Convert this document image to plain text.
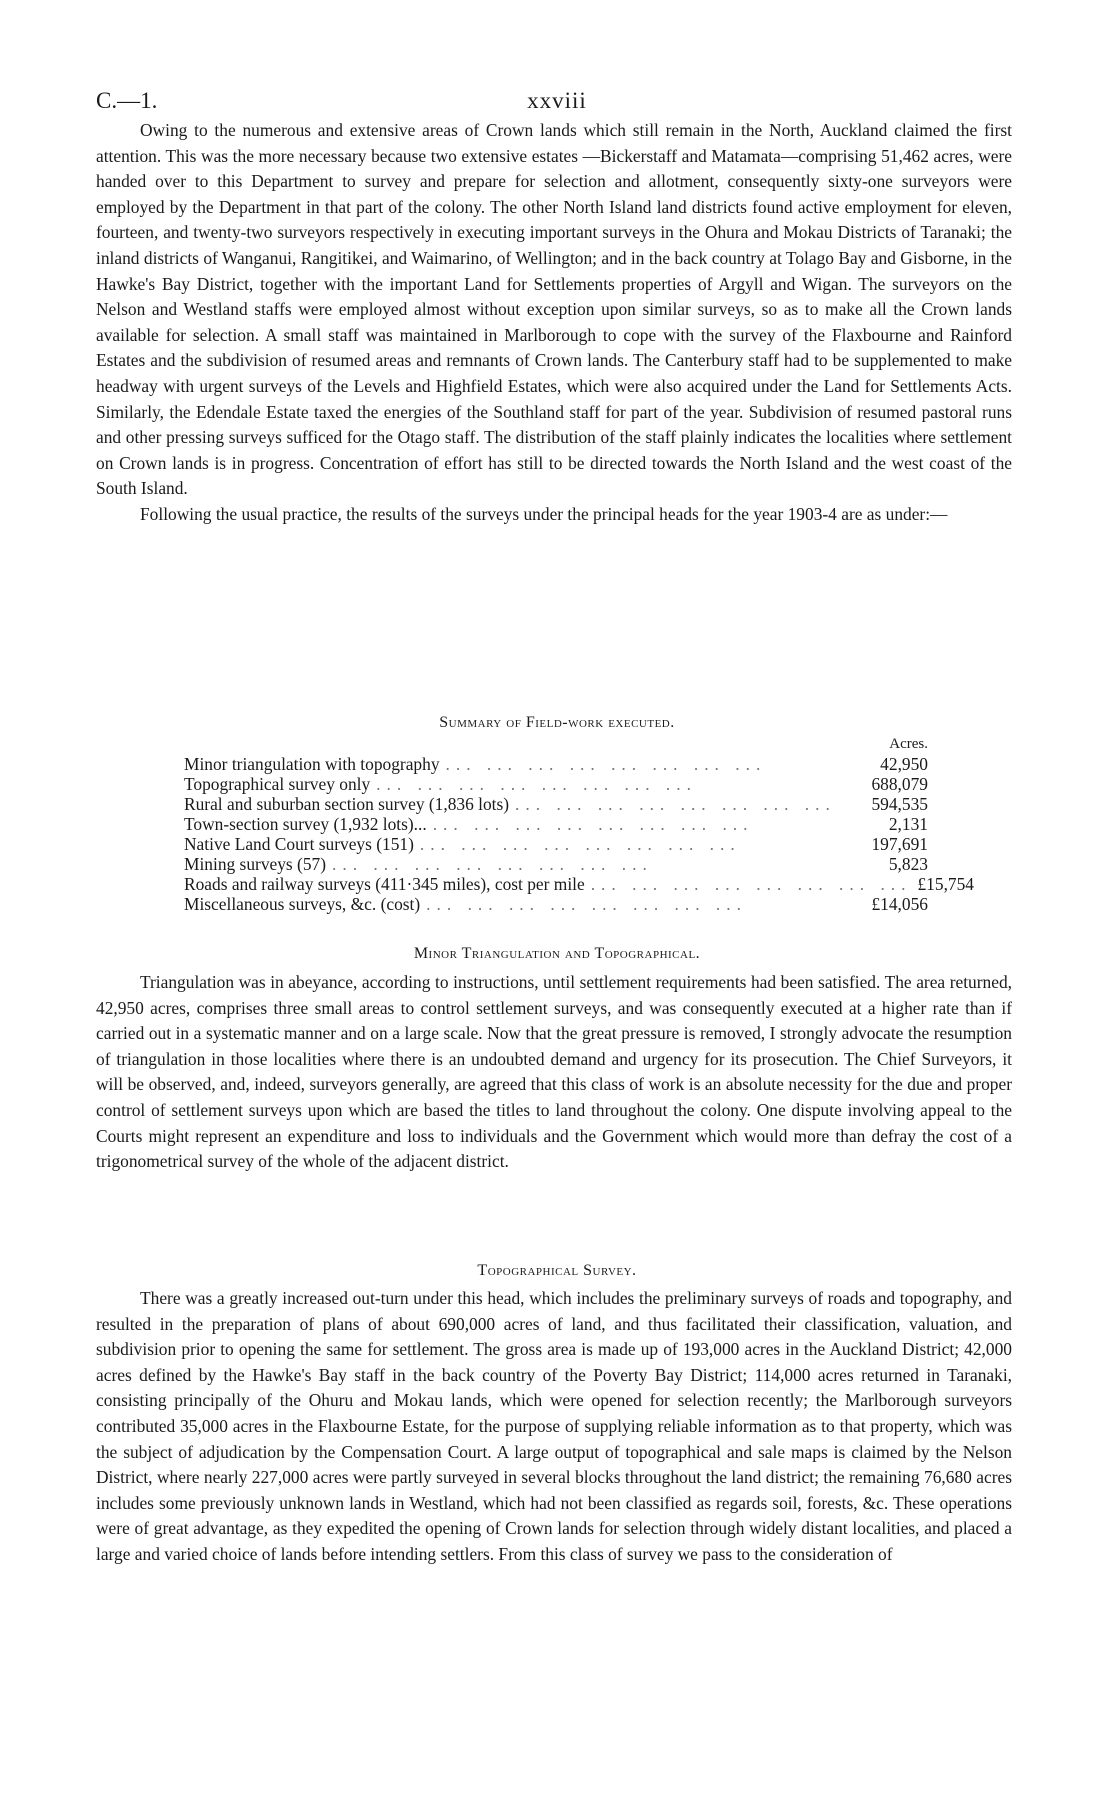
C.—1.	xxviii

Owing to the numerous and extensive areas of Crown lands which still remain in the North, Auckland claimed the first attention. This was the more necessary because two extensive estates —Bickerstaff and Matamata—comprising 51,462 acres, were handed over to this Department to survey and prepare for selection and allotment, consequently sixty-one surveyors were employed by the Department in that part of the colony. The other North Island land districts found active employment for eleven, fourteen, and twenty-two surveyors respectively in executing important surveys in the Ohura and Mokau Districts of Taranaki; the inland districts of Wanganui, Rangitikei, and Waimarino, of Wellington; and in the back country at Tolago Bay and Gisborne, in the Hawke's Bay District, together with the important Land for Settlements properties of Argyll and Wigan. The surveyors on the Nelson and Westland staffs were employed almost without exception upon similar surveys, so as to make all the Crown lands available for selection. A small staff was maintained in Marlborough to cope with the survey of the Flaxbourne and Rainford Estates and the subdivision of resumed areas and remnants of Crown lands. The Canterbury staff had to be supplemented to make headway with urgent surveys of the Levels and Highfield Estates, which were also acquired under the Land for Settlements Acts. Similarly, the Edendale Estate taxed the energies of the Southland staff for part of the year. Subdivision of resumed pastoral runs and other pressing surveys sufficed for the Otago staff. The distribution of the staff plainly indicates the localities where settlement on Crown lands is in progress. Concentration of effort has still to be directed towards the North Island and the west coast of the South Island.

Following the usual practice, the results of the surveys under the principal heads for the year 1903-4 are as under:—

Summary of Field-work executed.
Acres.
Minor triangulation with topography ... ... ... ... ... ... ... ...	42,950
Topographical survey only ... ... ... ... ... ... ... ...	688,079
Rural and suburban section survey (1,836 lots) ... ... ... ... ... ... ... ...	594,535
Town-section survey (1,932 lots)... ... ... ... ... ... ... ... ...	2,131
Native Land Court surveys (151) ... ... ... ... ... ... ... ...	197,691
Mining surveys (57) ... ... ... ... ... ... ... ...	5,823
Roads and railway surveys (411·345 miles), cost per mile ... ... ... ... ... ... ... ... £15,754
Miscellaneous surveys, &c. (cost) ... ... ... ... ... ... ... ...	£14,056
Minor Triangulation and Topographical.

Triangulation was in abeyance, according to instructions, until settlement requirements had been satisfied. The area returned, 42,950 acres, comprises three small areas to control settlement surveys, and was consequently executed at a higher rate than if carried out in a systematic manner and on a large scale. Now that the great pressure is removed, I strongly advocate the resumption of triangulation in those localities where there is an undoubted demand and urgency for its prosecution. The Chief Surveyors, it will be observed, and, indeed, surveyors generally, are agreed that this class of work is an absolute necessity for the due and proper control of settlement surveys upon which are based the titles to land throughout the colony. One dispute involving appeal to the Courts might represent an expenditure and loss to individuals and the Government which would more than defray the cost of a trigonometrical survey of the whole of the adjacent district.

Topographical Survey.

There was a greatly increased out-turn under this head, which includes the preliminary surveys of roads and topography, and resulted in the preparation of plans of about 690,000 acres of land, and thus facilitated their classification, valuation, and subdivision prior to opening the same for settlement. The gross area is made up of 193,000 acres in the Auckland District; 42,000 acres defined by the Hawke's Bay staff in the back country of the Poverty Bay District; 114,000 acres returned in Taranaki, consisting principally of the Ohuru and Mokau lands, which were opened for selection recently; the Marlborough surveyors contributed 35,000 acres in the Flaxbourne Estate, for the purpose of supplying reliable information as to that property, which was the subject of adjudication by the Compensation Court. A large output of topographical and sale maps is claimed by the Nelson District, where nearly 227,000 acres were partly surveyed in several blocks throughout the land district; the remaining 76,680 acres includes some previously unknown lands in Westland, which had not been classified as regards soil, forests, &c. These operations were of great advantage, as they expedited the opening of Crown lands for selection through widely distant localities, and placed a large and varied choice of lands before intending settlers. From this class of survey we pass to the consideration of
